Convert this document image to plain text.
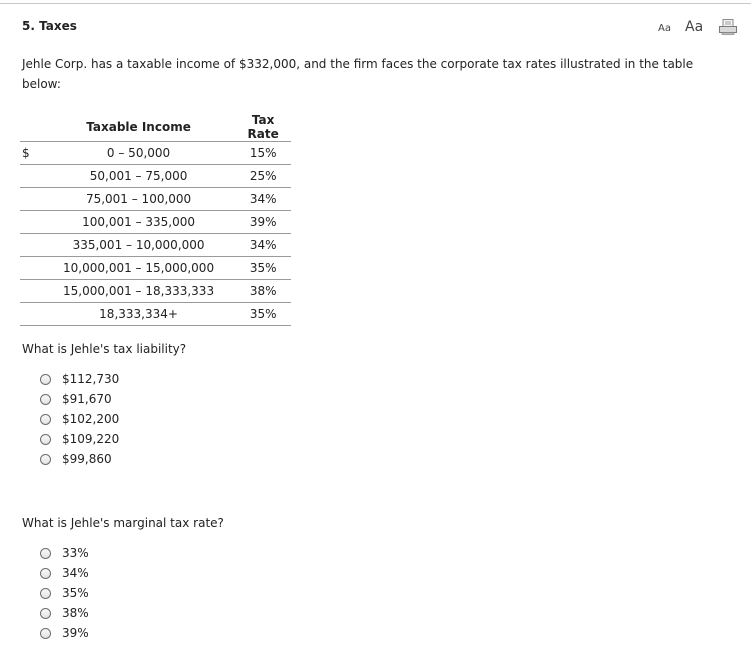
5. Taxes	Aa Aa
Jehle Corp. has a taxable income of $332,000, and the firm faces the corporate tax rates illustrated in the table below:
	Taxable Income	Tax Rate
$	0 – 50,000	15%
	50,001 – 75,000	25%
	75,001 – 100,000	34%
	100,001 – 335,000	39%
	335,001 – 10,000,000	34%
	10,000,001 – 15,000,000	35%
	15,000,001 – 18,333,333	38%
	18,333,334+	35%
What is Jehle's tax liability?
$112,730
$91,670
$102,200
$109,220
$99,860
What is Jehle's marginal tax rate?
33%
34%
35%
38%
39%
